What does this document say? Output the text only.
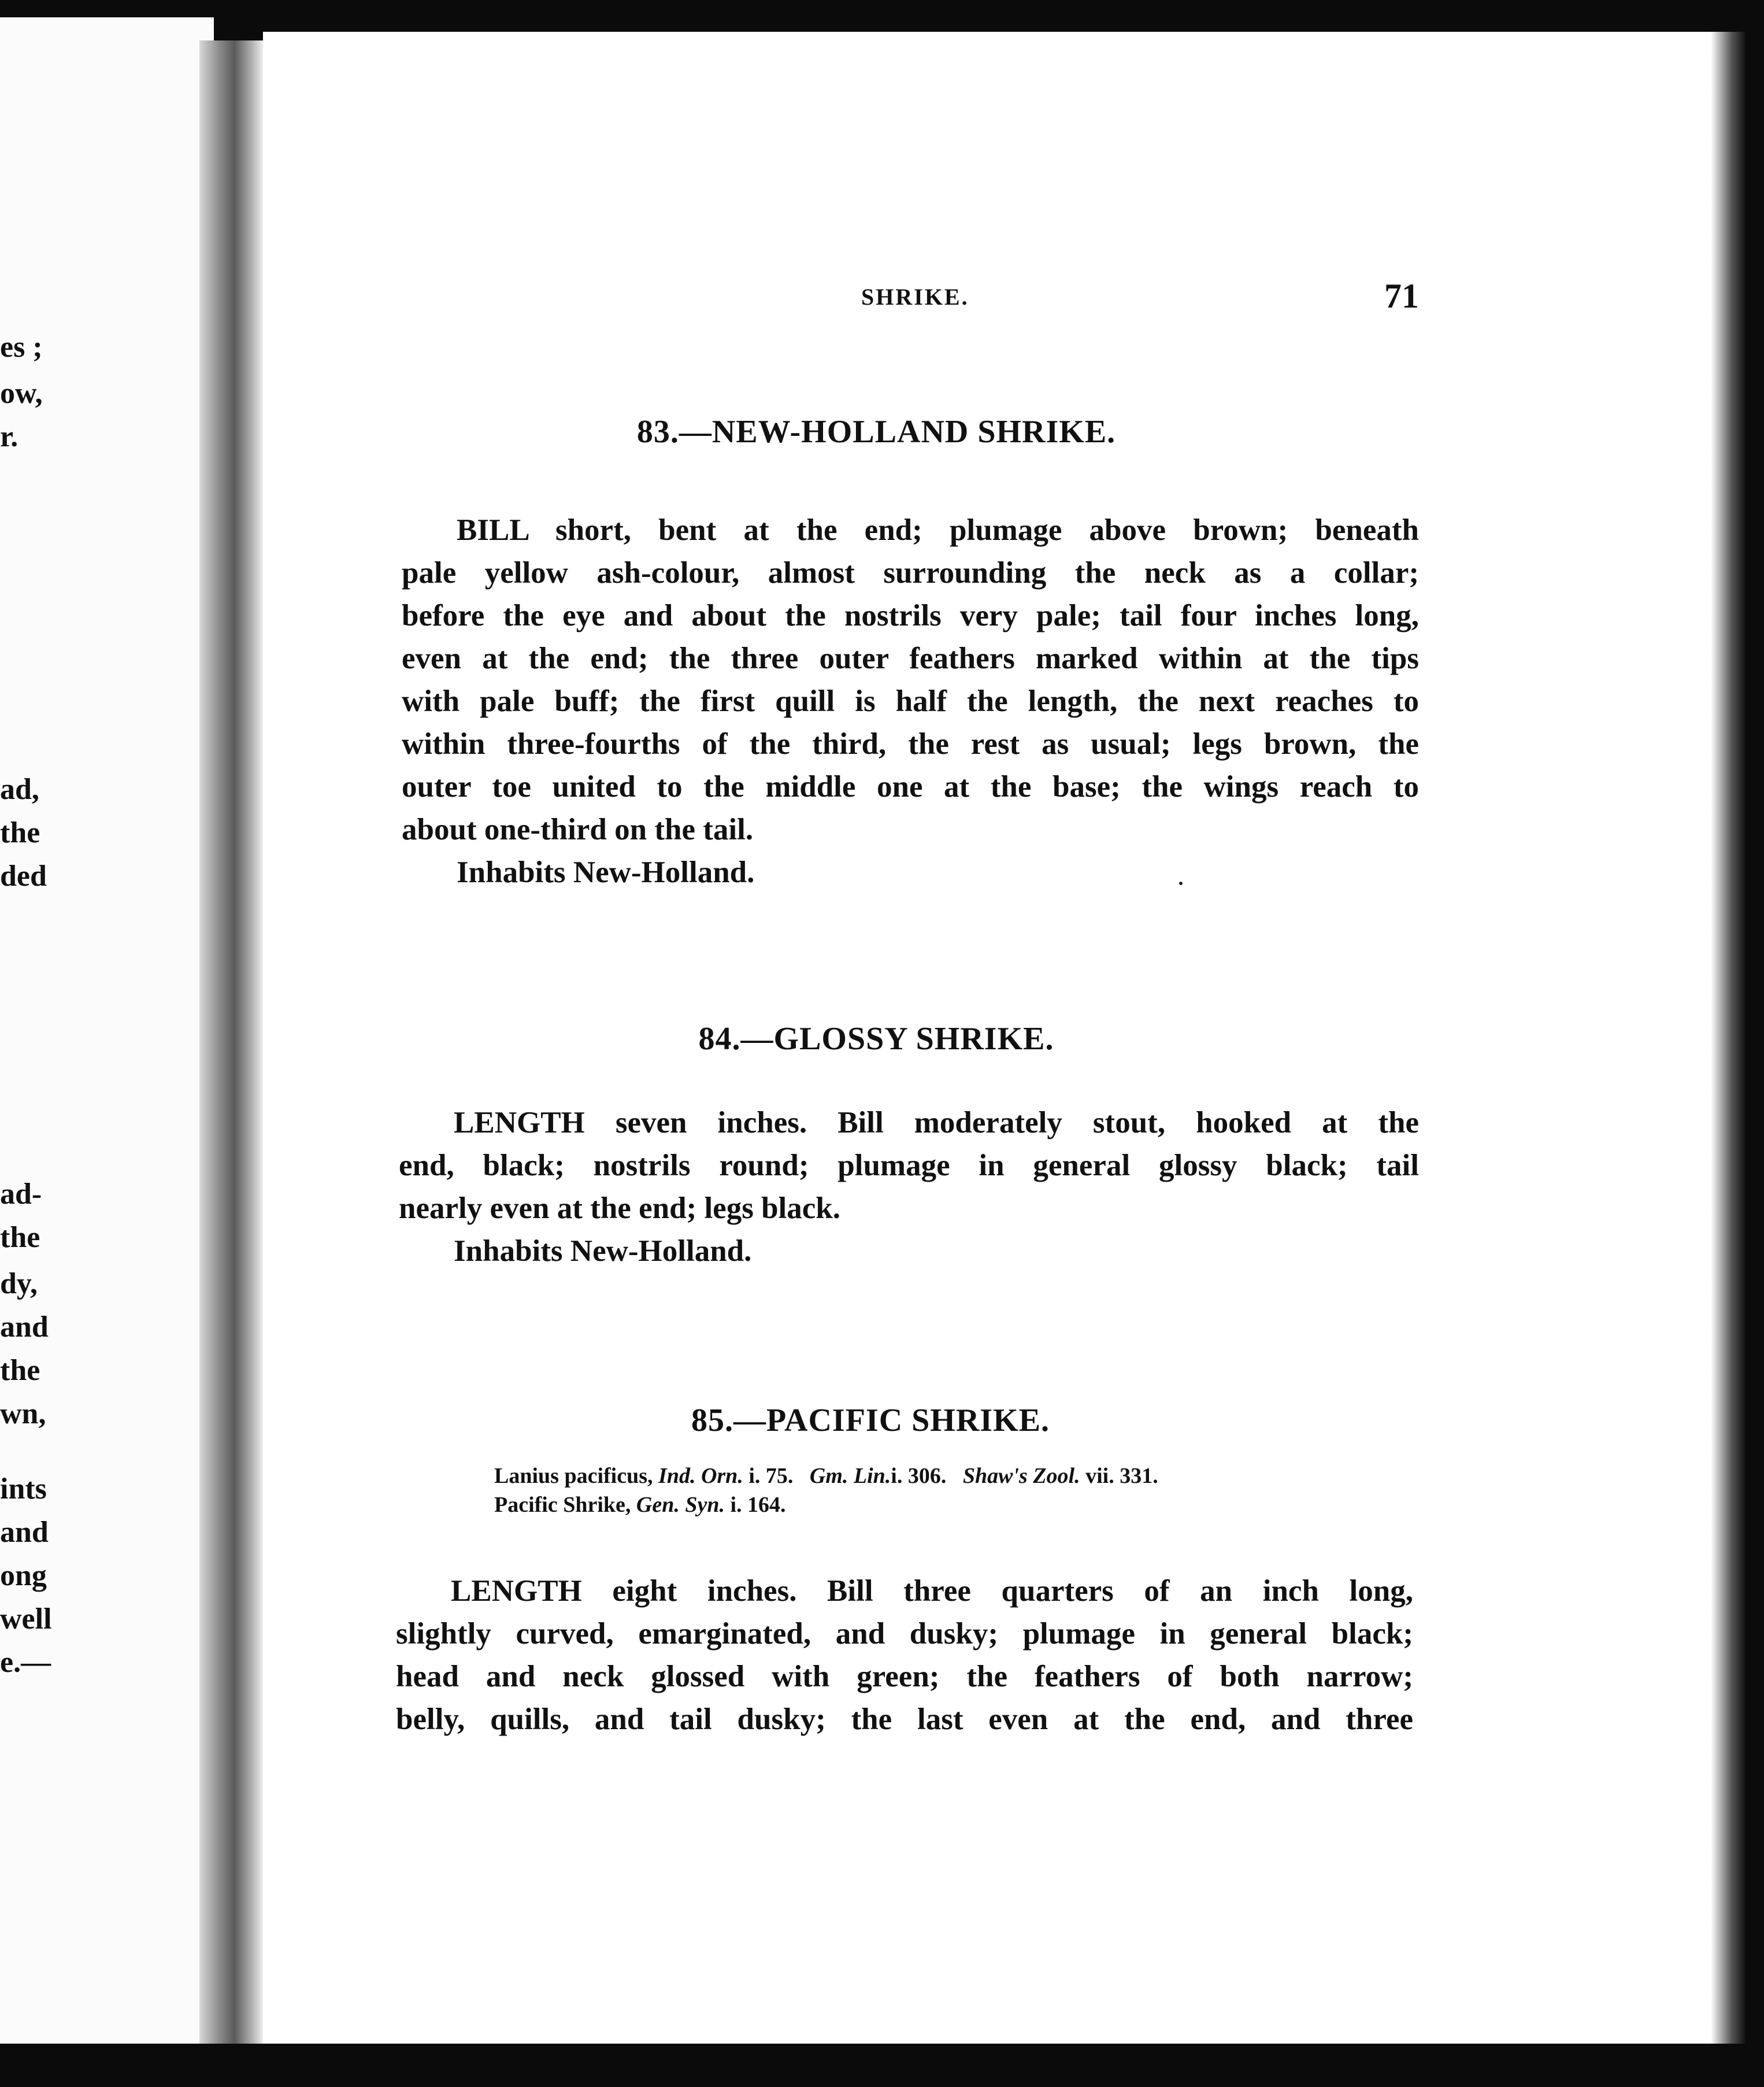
es ;
ow,
r.
ad,
the
ded
ad-
the
dy,
and
the
wn,
ints
and
ong
well
e.—
SHRIKE.	71
83.—NEW-HOLLAND SHRIKE.
BILL short, bent at the end; plumage above brown; beneath
pale yellow ash-colour, almost surrounding the neck as a collar;
before the eye and about the nostrils very pale; tail four inches long,
even at the end; the three outer feathers marked within at the tips
with pale buff; the first quill is half the length, the next reaches to
within three-fourths of the third, the rest as usual; legs brown, the
outer toe united to the middle one at the base; the wings reach to
about one-third on the tail.
Inhabits New-Holland.
84.—GLOSSY SHRIKE.
LENGTH seven inches. Bill moderately stout, hooked at the
end, black; nostrils round; plumage in general glossy black; tail
nearly even at the end; legs black.
Inhabits New-Holland.
85.—PACIFIC SHRIKE.
Lanius pacificus, Ind. Orn. i. 75. Gm. Lin.i. 306. Shaw's Zool. vii. 331.
Pacific Shrike, Gen. Syn. i. 164.
LENGTH eight inches. Bill three quarters of an inch long,
slightly curved, emarginated, and dusky; plumage in general black;
head and neck glossed with green; the feathers of both narrow;
belly, quills, and tail dusky; the last even at the end, and three
